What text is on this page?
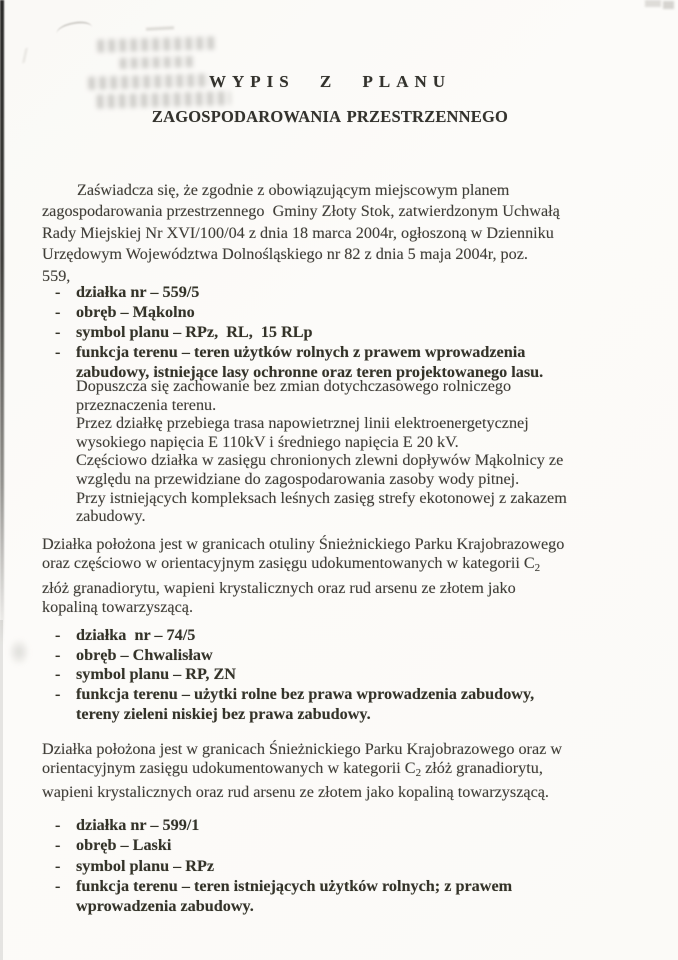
WYPIS Z PLANU
ZAGOSPODAROWANIA PRZESTRZENNEGO
Zaświadcza się, że zgodnie z obowiązującym miejscowym planem
zagospodarowania przestrzennego  Gminy Złoty Stok, zatwierdzonym Uchwałą
Rady Miejskiej Nr XVI/100/04 z dnia 18 marca 2004r, ogłoszoną w Dzienniku
Urzędowym Województwa Dolnośląskiego nr 82 z dnia 5 maja 2004r, poz.
559,
- działka nr – 559/5
- obręb – Mąkolno
- symbol planu – RPz,  RL,  15 RLp
- funkcja terenu – teren użytków rolnych z prawem wprowadzenia
zabudowy, istniejące lasy ochronne oraz teren projektowanego lasu.
Dopuszcza się zachowanie bez zmian dotychczasowego rolniczego
przeznaczenia terenu.
Przez działkę przebiega trasa napowietrznej linii elektroenergetycznej
wysokiego napięcia E 110kV i średniego napięcia E 20 kV.
Częściowo działka w zasięgu chronionych zlewni dopływów Mąkolnicy ze
względu na przewidziane do zagospodarowania zasoby wody pitnej.
Przy istniejących kompleksach leśnych zasięg strefy ekotonowej z zakazem
zabudowy.
Działka położona jest w granicach otuliny Śnieżnickiego Parku Krajobrazowego
oraz częściowo w orientacyjnym zasięgu udokumentowanych w kategorii $C_2$
złóż granadiorytu, wapieni krystalicznych oraz rud arsenu ze złotem jako
kopaliną towarzyszącą.
- działka  nr – 74/5
- obręb – Chwalisław
- symbol planu – RP, ZN
- funkcja terenu – użytki rolne bez prawa wprowadzenia zabudowy,
tereny zieleni niskiej bez prawa zabudowy.
Działka położona jest w granicach Śnieżnickiego Parku Krajobrazowego oraz w
orientacyjnym zasięgu udokumentowanych w kategorii $C_2$ złóż granadiorytu,
wapieni krystalicznych oraz rud arsenu ze złotem jako kopaliną towarzyszącą.
- działka nr – 599/1
- obręb – Laski
- symbol planu – RPz
- funkcja terenu – teren istniejących użytków rolnych; z prawem
wprowadzenia zabudowy.
